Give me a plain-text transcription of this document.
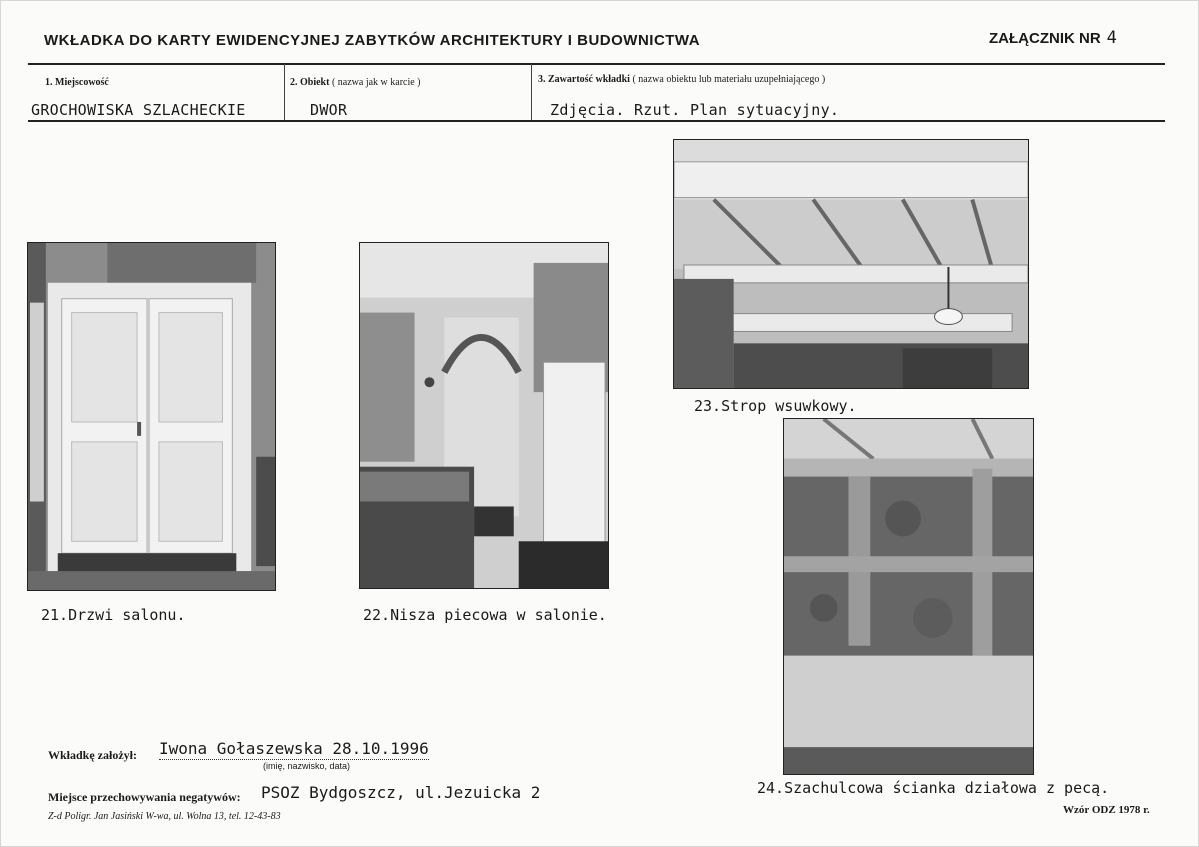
WKŁADKA DO KARTY EWIDENCYJNEJ ZABYTKÓW ARCHITEKTURY I BUDOWNICTWA	ZAŁĄCZNIK NR 4
1. Miejscowość
GROCHOWISKA SZLACHECKIE
2. Obiekt ( nazwa jak w karcie )
DWOR
3. Zawartość wkładki ( nazwa obiektu lub materiału uzupełniającego )
Zdjęcia. Rzut. Plan sytuacyjny.
21.Drzwi salonu.	22.Nisza piecowa w salonie.
23.Strop wsuwkowy.
24.Szachulcowa ścianka działowa z pecą.
Wkładkę założył: Iwona Gołaszewska 28.10.1996
(imię, nazwisko, data)
Miejsce przechowywania negatywów: PSOZ Bydgoszcz, ul.Jezuicka 2
Z-d Poligr. Jan Jasiński W-wa, ul. Wolna 13, tel. 12-43-83
Wzór ODZ 1978 r.
